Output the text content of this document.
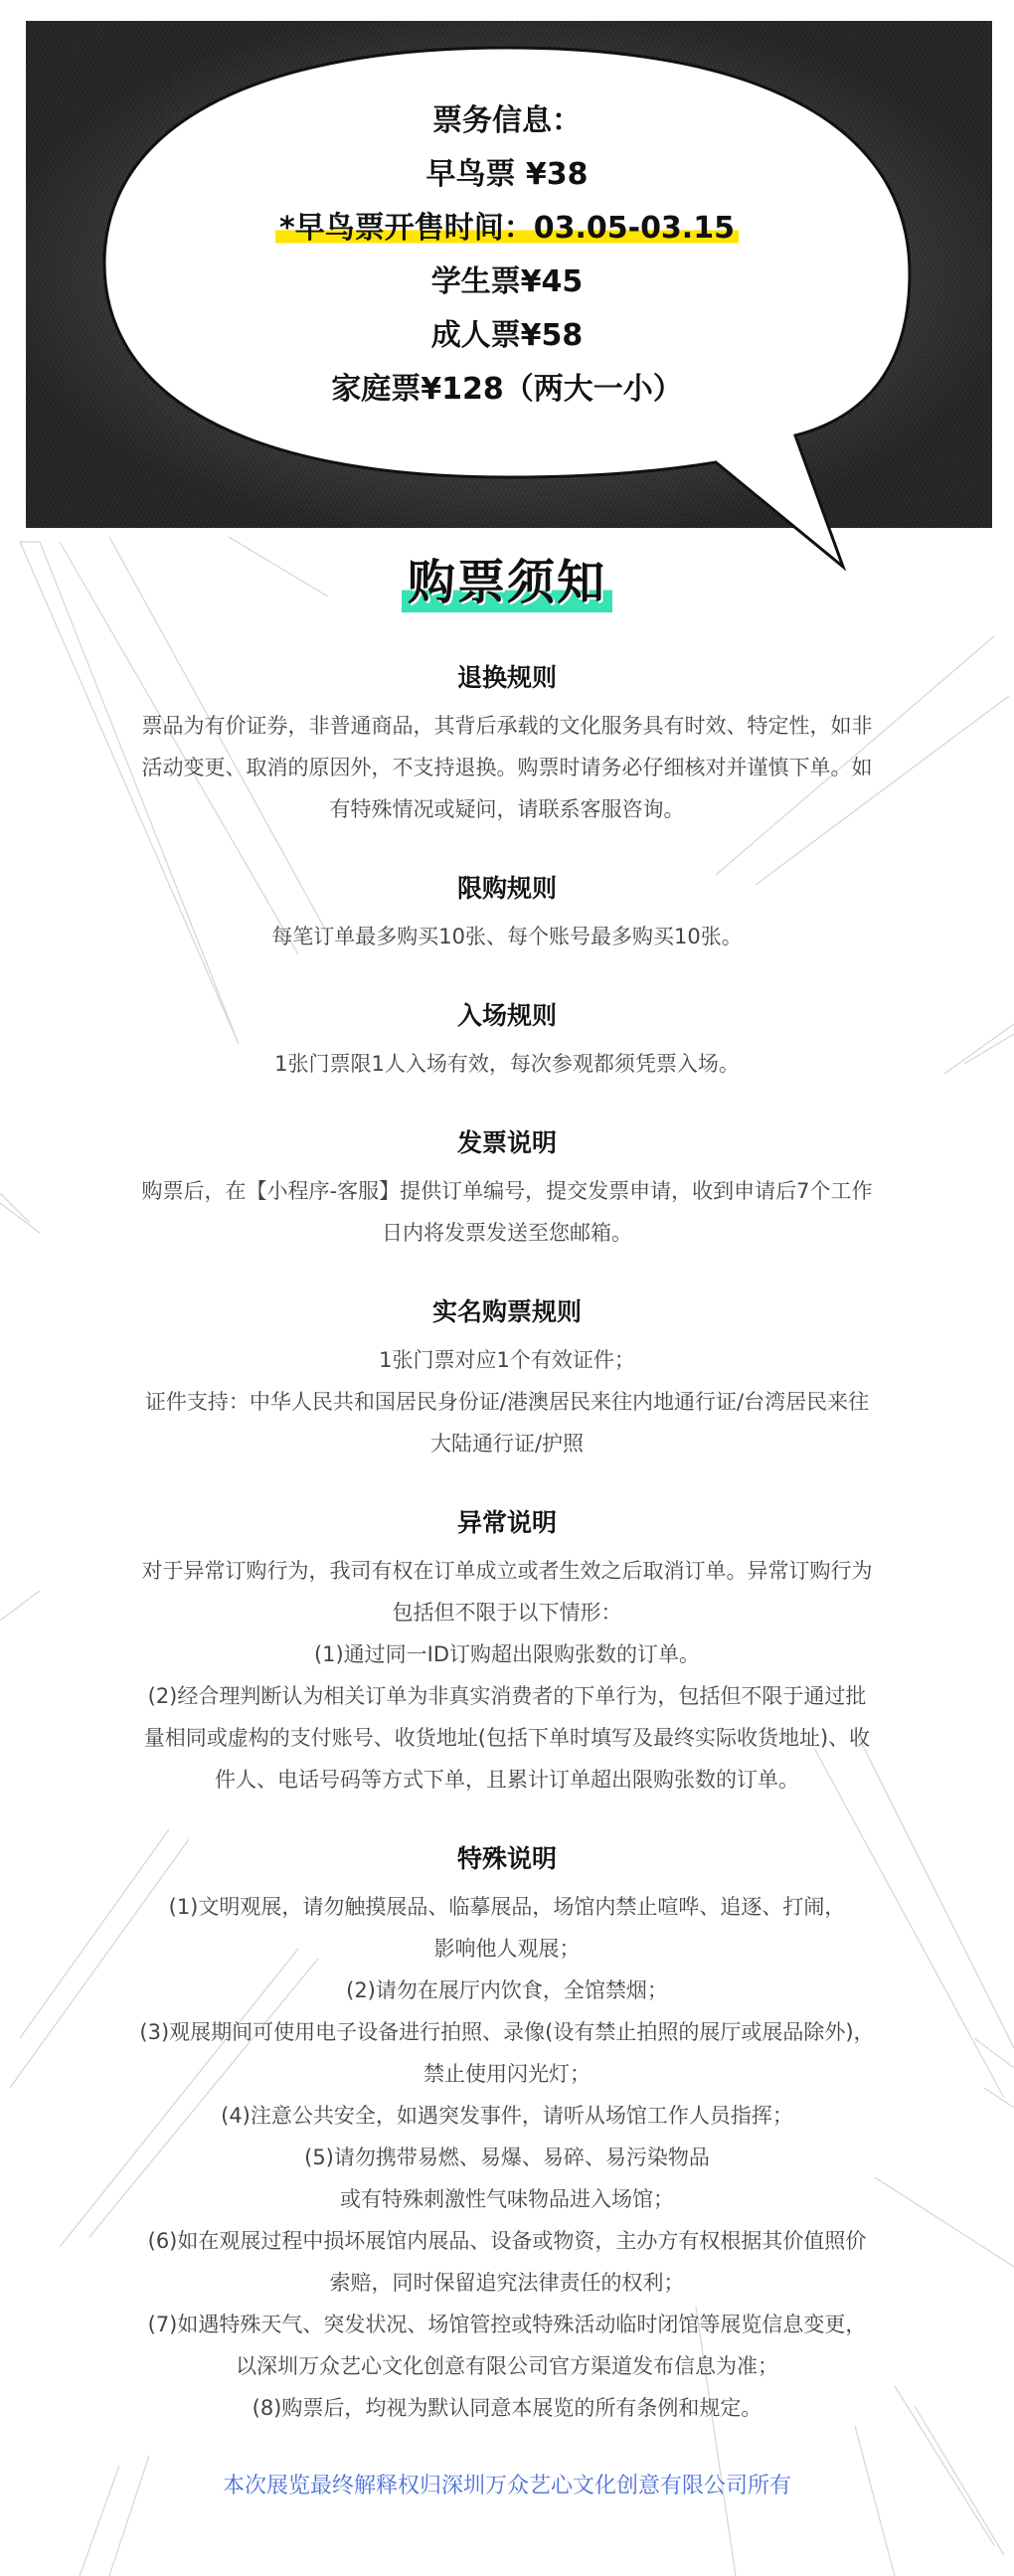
票务信息：
早鸟票 ¥38
*早鸟票开售时间：03.05-03.15
学生票¥45
成人票¥58
家庭票¥128（两大一小）
购票须知
退换规则
票品为有价证券，非普通商品，其背后承载的文化服务具有时效、特定性，如非
活动变更、取消的原因外，不支持退换。购票时请务必仔细核对并谨慎下单。如
有特殊情况或疑问，请联系客服咨询。
限购规则
每笔订单最多购买10张、每个账号最多购买10张。
入场规则
1张门票限1人入场有效，每次参观都须凭票入场。
发票说明
购票后，在【小程序-客服】提供订单编号，提交发票申请，收到申请后7个工作
日内将发票发送至您邮箱。
实名购票规则
1张门票对应1个有效证件；
证件支持：中华人民共和国居民身份证/港澳居民来往内地通行证/台湾居民来往
大陆通行证/护照
异常说明
对于异常订购行为，我司有权在订单成立或者生效之后取消订单。异常订购行为
包括但不限于以下情形：
(1)通过同一ID订购超出限购张数的订单。
(2)经合理判断认为相关订单为非真实消费者的下单行为，包括但不限于通过批
量相同或虚构的支付账号、收货地址(包括下单时填写及最终实际收货地址)、收
件人、电话号码等方式下单，且累计订单超出限购张数的订单。
特殊说明
(1)文明观展，请勿触摸展品、临摹展品，场馆内禁止喧哗、追逐、打闹，
影响他人观展；
(2)请勿在展厅内饮食，全馆禁烟；
(3)观展期间可使用电子设备进行拍照、录像(设有禁止拍照的展厅或展品除外)，
禁止使用闪光灯；
(4)注意公共安全，如遇突发事件，请听从场馆工作人员指挥；
(5)请勿携带易燃、易爆、易碎、易污染物品
或有特殊刺激性气味物品进入场馆；
(6)如在观展过程中损坏展馆内展品、设备或物资，主办方有权根据其价值照价
索赔，同时保留追究法律责任的权利；
(7)如遇特殊天气、突发状况、场馆管控或特殊活动临时闭馆等展览信息变更，
以深圳万众艺心文化创意有限公司官方渠道发布信息为准；
(8)购票后，均视为默认同意本展览的所有条例和规定。
本次展览最终解释权归深圳万众艺心文化创意有限公司所有
